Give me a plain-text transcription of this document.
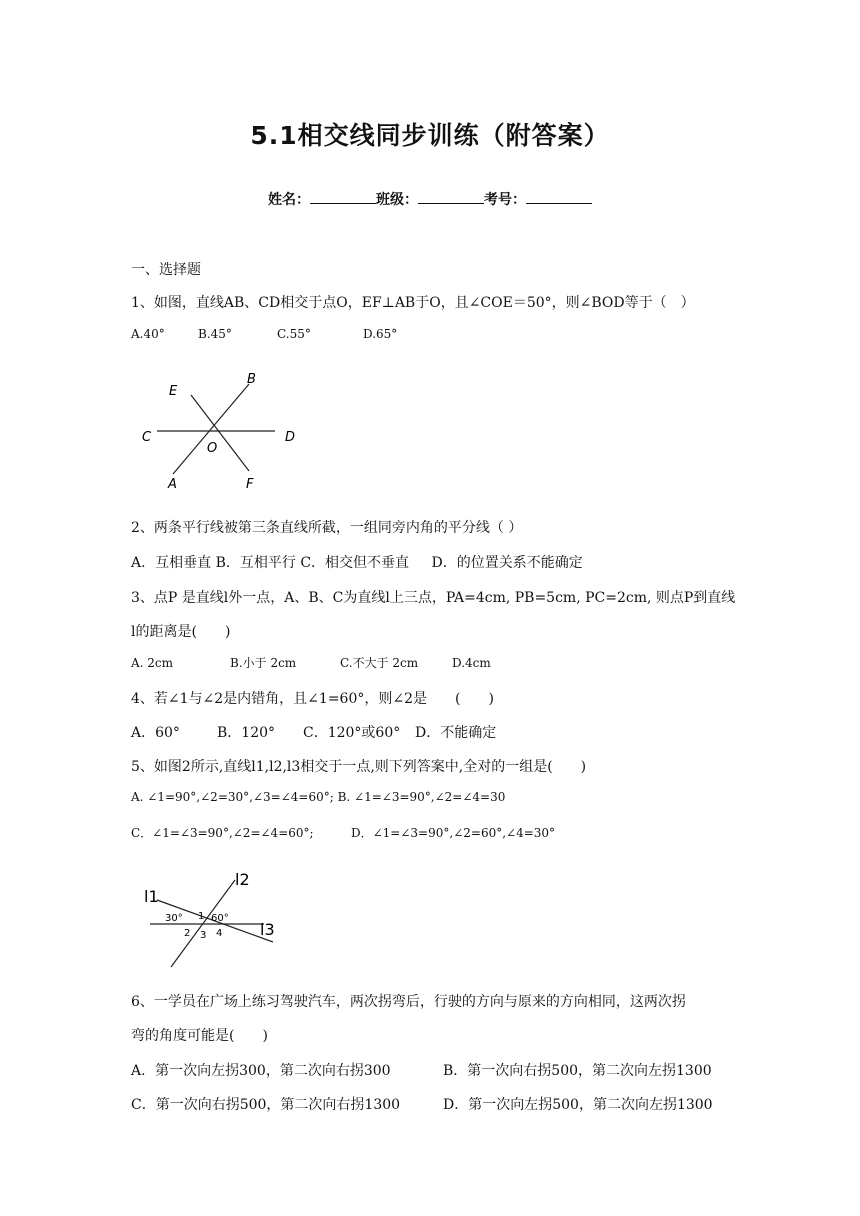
5.1相交线同步训练（附答案）
姓名：	班级：	考号：
一、选择题
1、如图，直线AB、CD相交于点O，EF⊥AB于O，且∠COE＝50°，则∠BOD等于（　）
A.40°	B.45°	C.55°	D.65°
E
B
C	D
O
A	F
2、两条平行线被第三条直线所截，一组同旁内角的平分线（ ）
A．互相垂直 B．互相平行 C．相交但不垂直 D．的位置关系不能确定
3、点P 是直线l外一点，A、B、C为直线l上三点，PA=4cm, PB=5cm, PC=2cm, 则点P到直线
l的距离是(　　)
A. 2cm	B.小于 2cm	C.不大于 2cm	D.4cm
4、若∠1与∠2是内错角，且∠1=60°，则∠2是　　(　　)
A．60°	B．120° C．120°或60° D．不能确定
5、如图2所示,直线l1,l2,l3相交于一点,则下列答案中,全对的一组是(　　)
A. ∠1=90°,∠2=30°,∠3=∠4=60°; B. ∠1=∠3=90°,∠2=∠4=30
C．∠1=∠3=90°,∠2=∠4=60°;	D．∠1=∠3=90°,∠2=60°,∠4=30°
l1
l2
l3
30° 1 60°
2 3 4
6、一学员在广场上练习驾驶汽车，两次拐弯后，行驶的方向与原来的方向相同，这两次拐
弯的角度可能是(　　)
A．第一次向左拐300，第二次向右拐300	B．第一次向右拐500，第二次向左拐1300
C．第一次向右拐500，第二次向右拐1300	D．第一次向左拐500，第二次向左拐1300
